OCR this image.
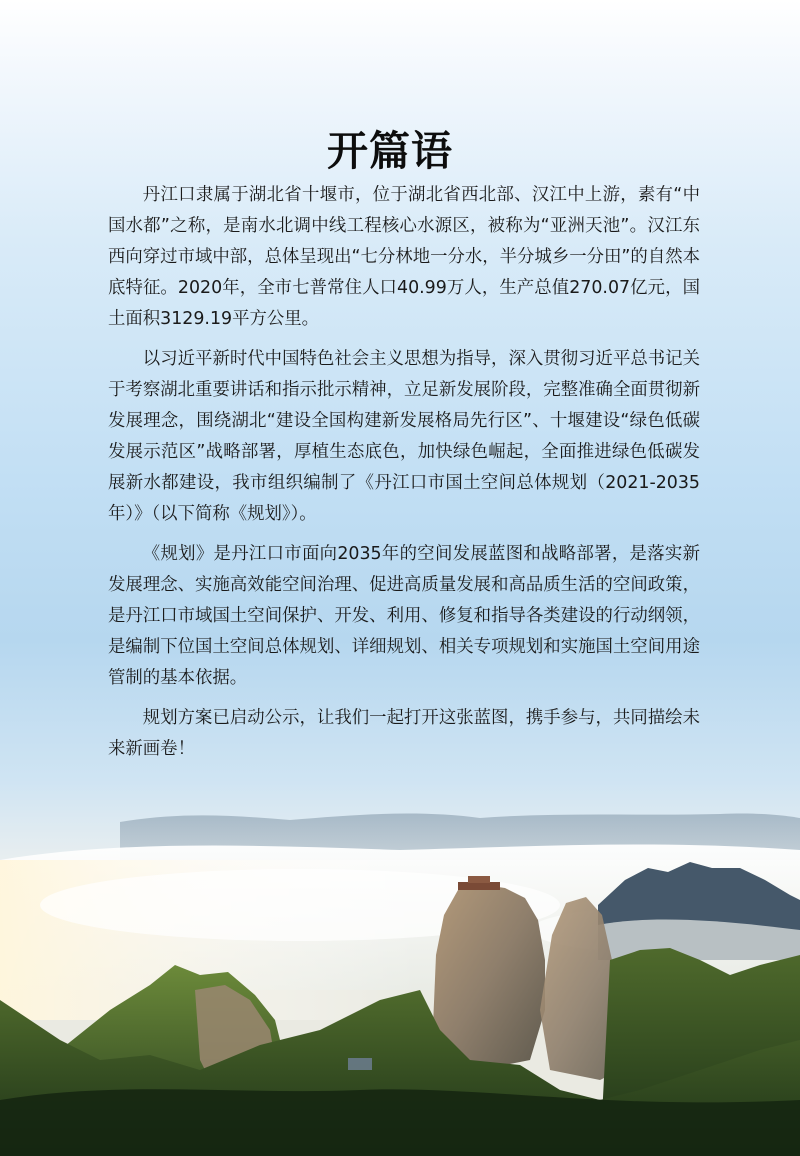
开篇语

丹江口隶属于湖北省十堰市，位于湖北省西北部、汉江中上游，素有“中国水都”之称，是南水北调中线工程核心水源区，被称为“亚洲天池”。汉江东西向穿过市域中部，总体呈现出“七分林地一分水，半分城乡一分田”的自然本底特征。2020年，全市七普常住人口40.99万人，生产总值270.07亿元，国土面积3129.19平方公里。

以习近平新时代中国特色社会主义思想为指导，深入贯彻习近平总书记关于考察湖北重要讲话和指示批示精神，立足新发展阶段，完整准确全面贯彻新发展理念，围绕湖北“建设全国构建新发展格局先行区”、十堰建设“绿色低碳发展示范区”战略部署，厚植生态底色，加快绿色崛起，全面推进绿色低碳发展新水都建设，我市组织编制了《丹江口市国土空间总体规划（2021-2035年）》（以下简称《规划》）。

《规划》是丹江口市面向2035年的空间发展蓝图和战略部署，是落实新发展理念、实施高效能空间治理、促进高质量发展和高品质生活的空间政策，是丹江口市域国土空间保护、开发、利用、修复和指导各类建设的行动纲领，是编制下位国土空间总体规划、详细规划、相关专项规划和实施国土空间用途管制的基本依据。

规划方案已启动公示，让我们一起打开这张蓝图，携手参与，共同描绘未来新画卷！
